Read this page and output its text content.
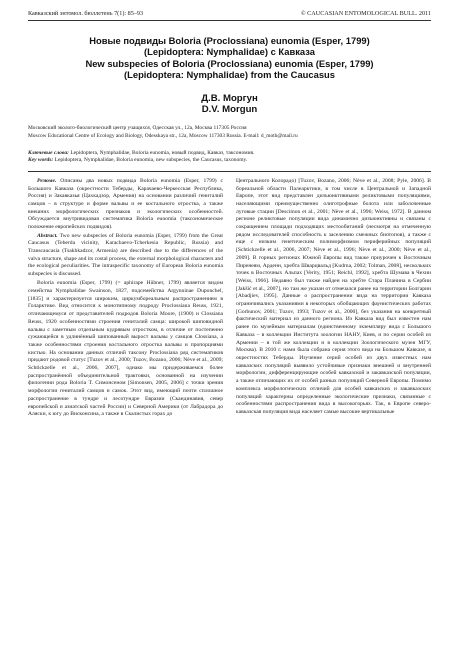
Кавказский энтомол. бюллетень 7(1): 85–93	© CAUCASIAN ENTOMOLOGICAL BULL. 2011
Новые подвиды Boloria (Proclossiana) eunomia (Esper, 1799)
(Lepidoptera: Nymphalidae) с Кавказа
New subspecies of Boloria (Proclossiana) eunomia (Esper, 1799)
(Lepidoptera: Nymphalidae) from the Caucasus
Д.В. Моргун
D.V. Morgun
Московский эколого-биологический центр учащихся, Одесская ул., 12а, Москва 117305 Россия
Moscow Educational Centre of Ecology and Biology, Odesskaya str., 12a, Moscow 117303 Russia. E-mail: d_moth@mail.ru
Ключевые слова: Lepidoptera, Nymphalidae, Boloria eunomia, новый подвид, Кавказ, таксономия.
Key words: Lepidoptera, Nymphalidae, Boloria eunomia, new subspecies, the Caucasus, taxonomy.

Резюме. Описаны два новых подвида Boloria eunomia (Esper, 1799) с Большого Кавказа (окрестности Теберды, Карачаево-Черкесская Республика, Россия) и Закавказья (Цахкадзор, Армения) на основании различий гениталий самцов – в структуре и форме вальвы и ее костального отростка, а также внешних морфологических признаков и экологических особенностей. Обсуждается внутривидовая систематика Boloria eunomia (таксономическое положение европейских подвидов).

Abstract. Two new subspecies of Boloria eunomia (Esper, 1799) from the Great Caucasus (Teberda vicinity, Karachaevo-Tcherkesia Republic, Russia) and Transcaucasia (Tsakhkadzor, Armenia) are described due to the differences of the valva structure, shape and its costal process, the external morphological characters and the ecological peculiarities. The intraspecific taxonomy of European Boloria eunomia subspecies is discussed.

Boloria eunomia (Esper, 1799) (= aphirape Hübner, 1799) является видом семейства Nymphalidae Swainson, 1827, подсемейства Argynninae Duponchel, [1835] и характеризуется широким, циркумбореальным распространением в Голарктике. Вид относится к монотипному подроду Proclossiana Reuss, 1921, отличающемуся от представителей подродов Boloria Moore, (1900) и Clossiana Reuss, 1920 особенностями строения гениталий самца: широкой шиповидной вальвы с заметным отдельным кудрявым отростком, в отличие от постепенно сужающейся в удлинённый шипованный вырост вальвы у самцов Clossiana, а также особенностями строения костального отростка вальвы и пропорциями кистью. На основании данных отличий таксону Proclossiana ряд систематиков придают родовой статус [Tuzov et al., 2000; Tuzov, Bozano, 2006; Nève et al., 2009; Schtickzelle et al., 2006, 2007], однако мы придерживаемся более распространённой объединительной трактовки, основанной на изучении филогении рода Boloria Т. Симонсеном [Simonsen, 2005, 2006] с точки зрения морфологии гениталий самцов и самок. Этот вид, имеющий почти сплошное распространение в тундре и лесотундре Евразии (Скандинавия, север европейской и азиатской частей России) и Северной Америки (от Лабрадора до Аляски, к югу до Висконсина, а также в Скалистых горах до

Центрального Колорадо) [Tuzov, Bozano, 2006; Nève et al., 2008; Pyle, 2006]. В бореальной области Палеарктики, в том числе в Центральной и Западной Европе, этот вид представлен дизъюнктивными реликтовыми популяциями, населяющими преимущественно олиготрофные болота или заболоченные луговые стации [Descimon et al., 2001; Nève et al., 1996; Weiss, 1972]. В данном регионе реликтовые популяции вида динамично дизъюнктивны и связаны с сокращением площади подходящих местообитаний (несмотря на отмеченную рядом исследователей способность к заселению смежных биотопов), а также с еще с низким генетическим полиморфизмом периферийных популяций [Schtickzelle et al., 2006, 2007; Nève et al., 1996; Nève et al., 2000; Nève et al., 2009]. В горных регионах Южной Европы вид также приурочен к Восточным Пиренеям, Арденн, хребта Шварцвальд [Kudrna, 2002; Tolman, 2008], нескольких точек в Восточных Альпах [Verity, 1951; Reichl, 1992], хребта Шумава в Чехии [Weiss, 1966]. Недавно был также найден на хребте Стара Планина в Сербии [Jakšić et al., 2007], но там же указан от отмечался ранее на территории Болгарии [Abadjiev, 1995]. Данные о распространении вида на территории Кавказа ограничивались указаниями в некоторых обобщающих фаунистических работах [Gorbunov, 2001; Tuzov, 1993; Tuzov et al., 2000], без указания на конкретный фактический материал из данного региона. Из Кавказа вид был известен нам ранее по музейным материалам (единственному экземпляру вида с Большого Кавказа – в коллекции Института зоологии НАНУ, Киев, и по серии особей из Армении – в той же коллекции и в коллекции Зоологического музея МГУ, Москва). В 2010 г. нами была собрана серия этого вида на Большом Кавказе, в окрестностях Теберды. Изучение серий особей из двух известных нам кавказских популяций выявило устойчивые признаки внешней и внутренней морфологии, дифференцирующие особей кавказской и закавказской популяции, а также отличающих их от особей разных популяций Северной Европы. Помимо комплекса морфологических отличий для особей кавказских и закавказских популяций характерны определенные экологические признаки, связанные с особенностями распространения вида в высокогорьях. Так, в Европе северо-кавказская популяция вида населяет самые высокие вертикальные
